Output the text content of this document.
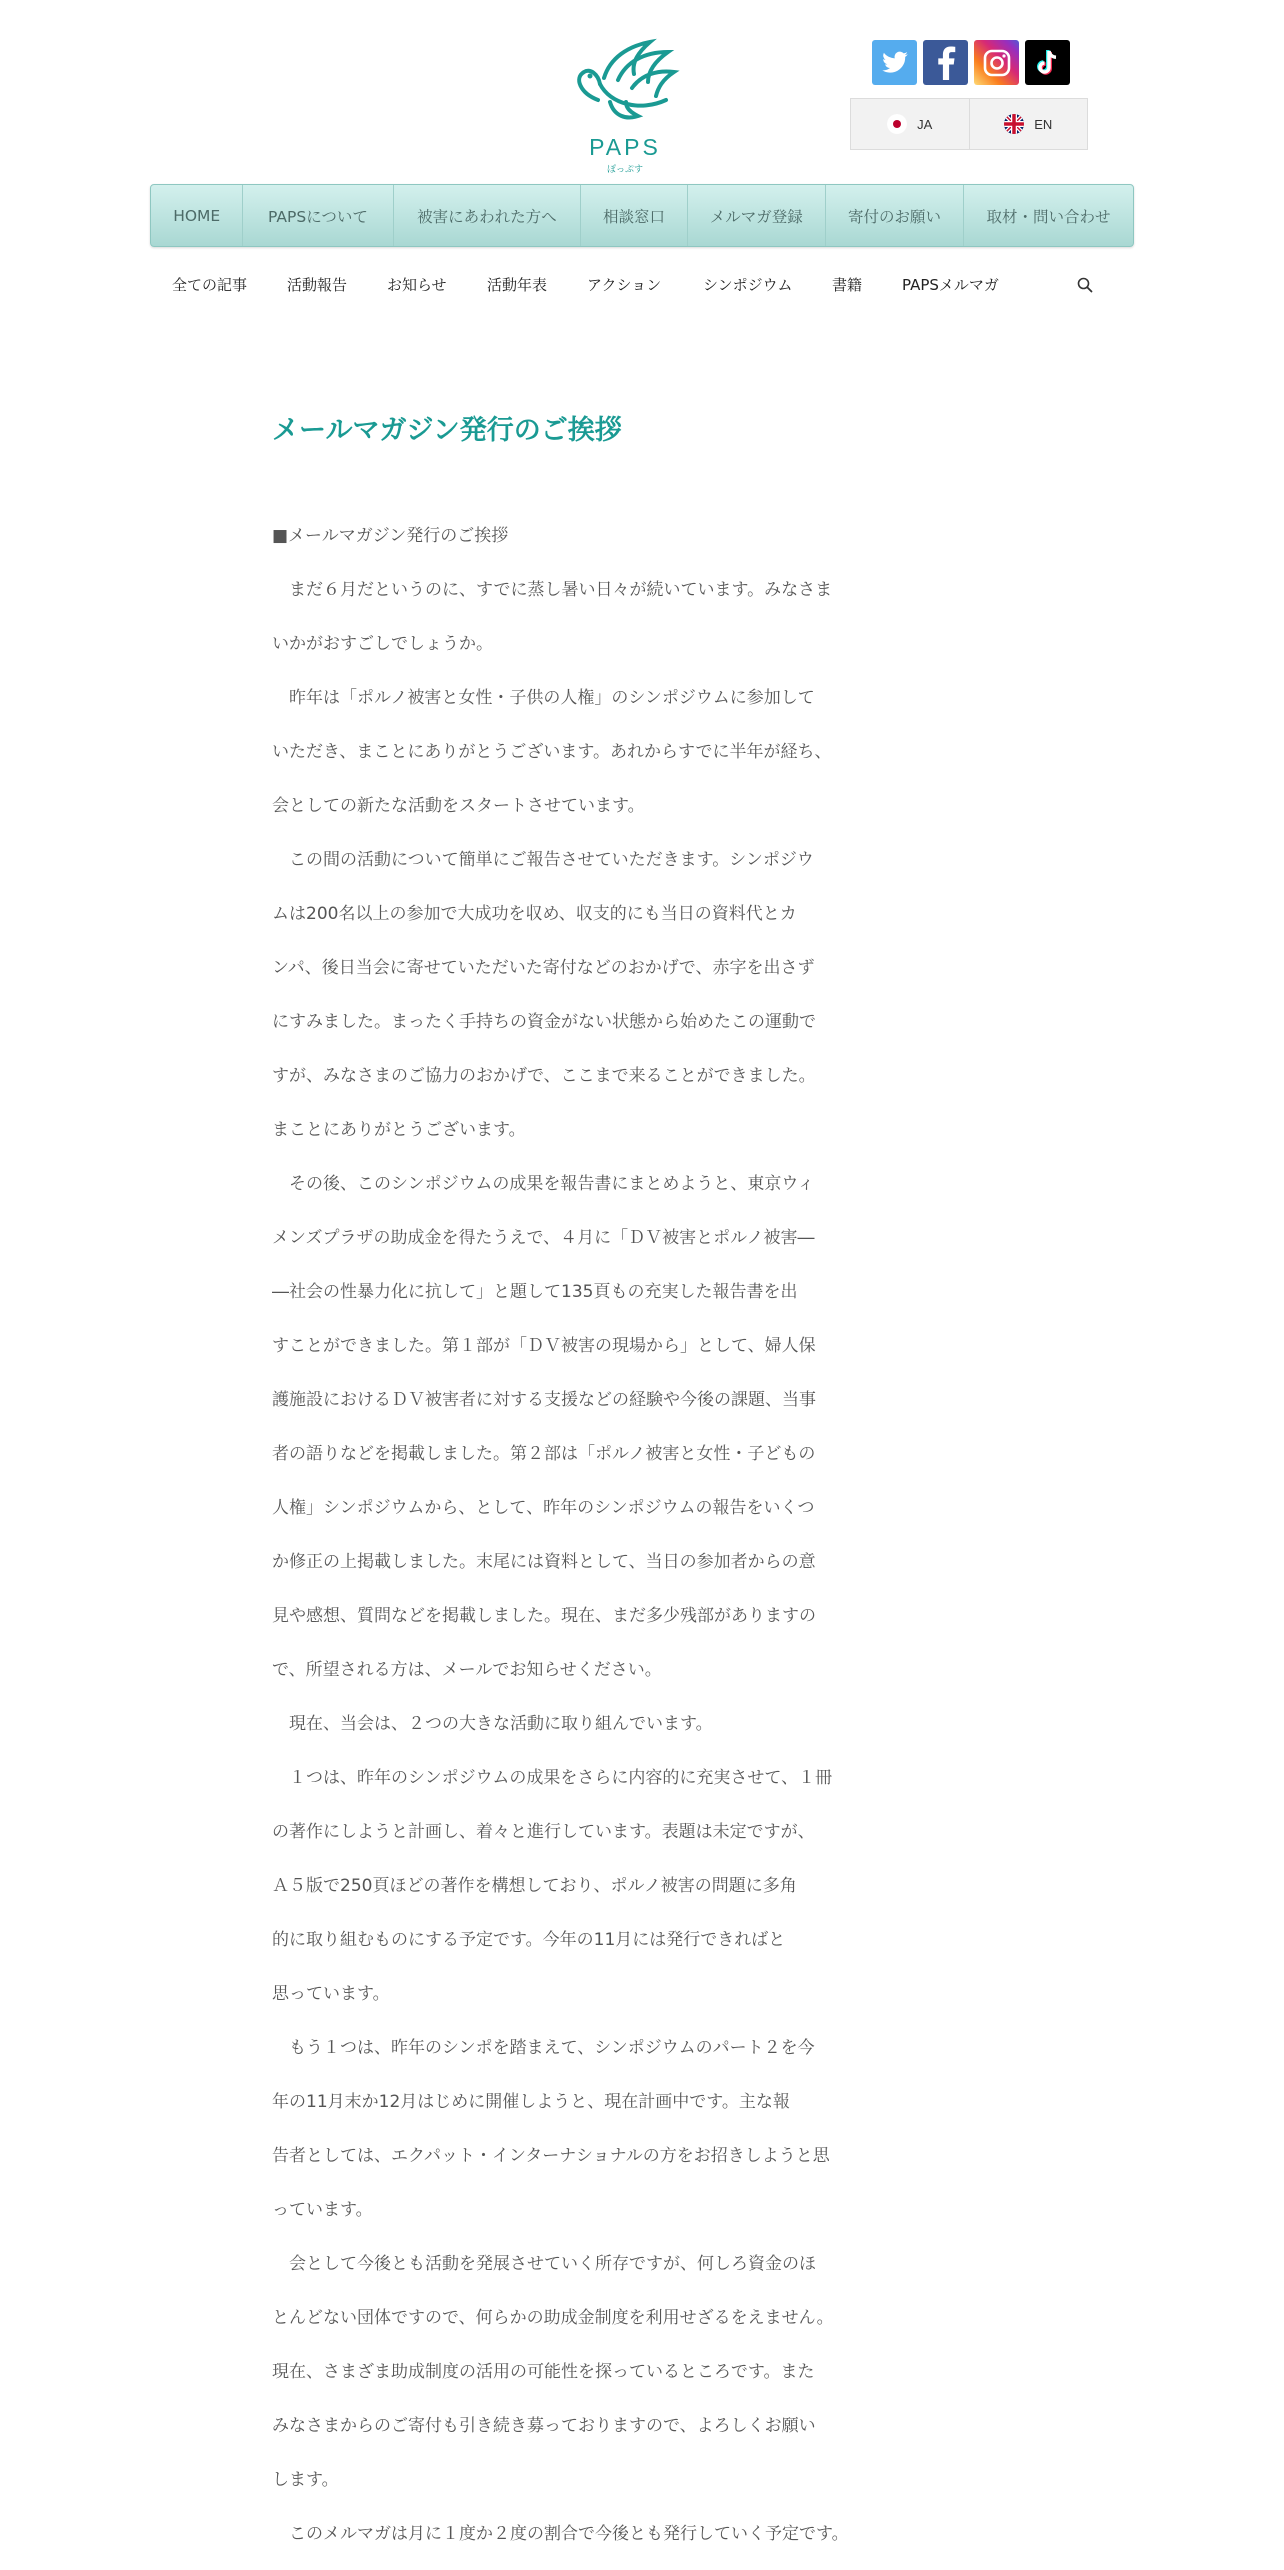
PAPS
ぽっぷす
JA	EN
HOME	PAPSについて	被害にあわれた方へ	相談窓口	メルマガ登録	寄付のお願い	取材・問い合わせ
全ての記事	活動報告	お知らせ	活動年表	アクション	シンポジウム	書籍	PAPSメルマガ
メールマガジン発行のご挨拶

■メールマガジン発行のご挨拶

　まだ６月だというのに、すでに蒸し暑い日々が続いています。みなさま

いかがおすごしでしょうか。

　昨年は「ポルノ被害と女性・子供の人権」のシンポジウムに参加して

いただき、まことにありがとうございます。あれからすでに半年が経ち、

会としての新たな活動をスタートさせています。

　この間の活動について簡単にご報告させていただきます。シンポジウ

ムは200名以上の参加で大成功を収め、収支的にも当日の資料代とカ

ンパ、後日当会に寄せていただいた寄付などのおかげで、赤字を出さず

にすみました。まったく手持ちの資金がない状態から始めたこの運動で

すが、みなさまのご協力のおかげで、ここまで来ることができました。

まことにありがとうございます。

　その後、このシンポジウムの成果を報告書にまとめようと、東京ウィ

メンズプラザの助成金を得たうえで、４月に「ＤＶ被害とポルノ被害―

―社会の性暴力化に抗して」と題して135頁もの充実した報告書を出

すことができました。第１部が「ＤＶ被害の現場から」として、婦人保

護施設におけるＤＶ被害者に対する支援などの経験や今後の課題、当事

者の語りなどを掲載しました。第２部は「ポルノ被害と女性・子どもの

人権」シンポジウムから、として、昨年のシンポジウムの報告をいくつ

か修正の上掲載しました。末尾には資料として、当日の参加者からの意

見や感想、質問などを掲載しました。現在、まだ多少残部がありますの

で、所望される方は、メールでお知らせください。

　現在、当会は、２つの大きな活動に取り組んでいます。

　１つは、昨年のシンポジウムの成果をさらに内容的に充実させて、１冊

の著作にしようと計画し、着々と進行しています。表題は未定ですが、

Ａ５版で250頁ほどの著作を構想しており、ポルノ被害の問題に多角

的に取り組むものにする予定です。今年の11月には発行できればと

思っています。

　もう１つは、昨年のシンポを踏まえて、シンポジウムのパート２を今

年の11月末か12月はじめに開催しようと、現在計画中です。主な報

告者としては、エクパット・インターナショナルの方をお招きしようと思

っています。

　会として今後とも活動を発展させていく所存ですが、何しろ資金のほ

とんどない団体ですので、何らかの助成金制度を利用せざるをえません。

現在、さまざま助成制度の活用の可能性を探っているところです。また

みなさまからのご寄付も引き続き募っておりますので、よろしくお願い

します。

　このメルマガは月に１度か２度の割合で今後とも発行していく予定です。
